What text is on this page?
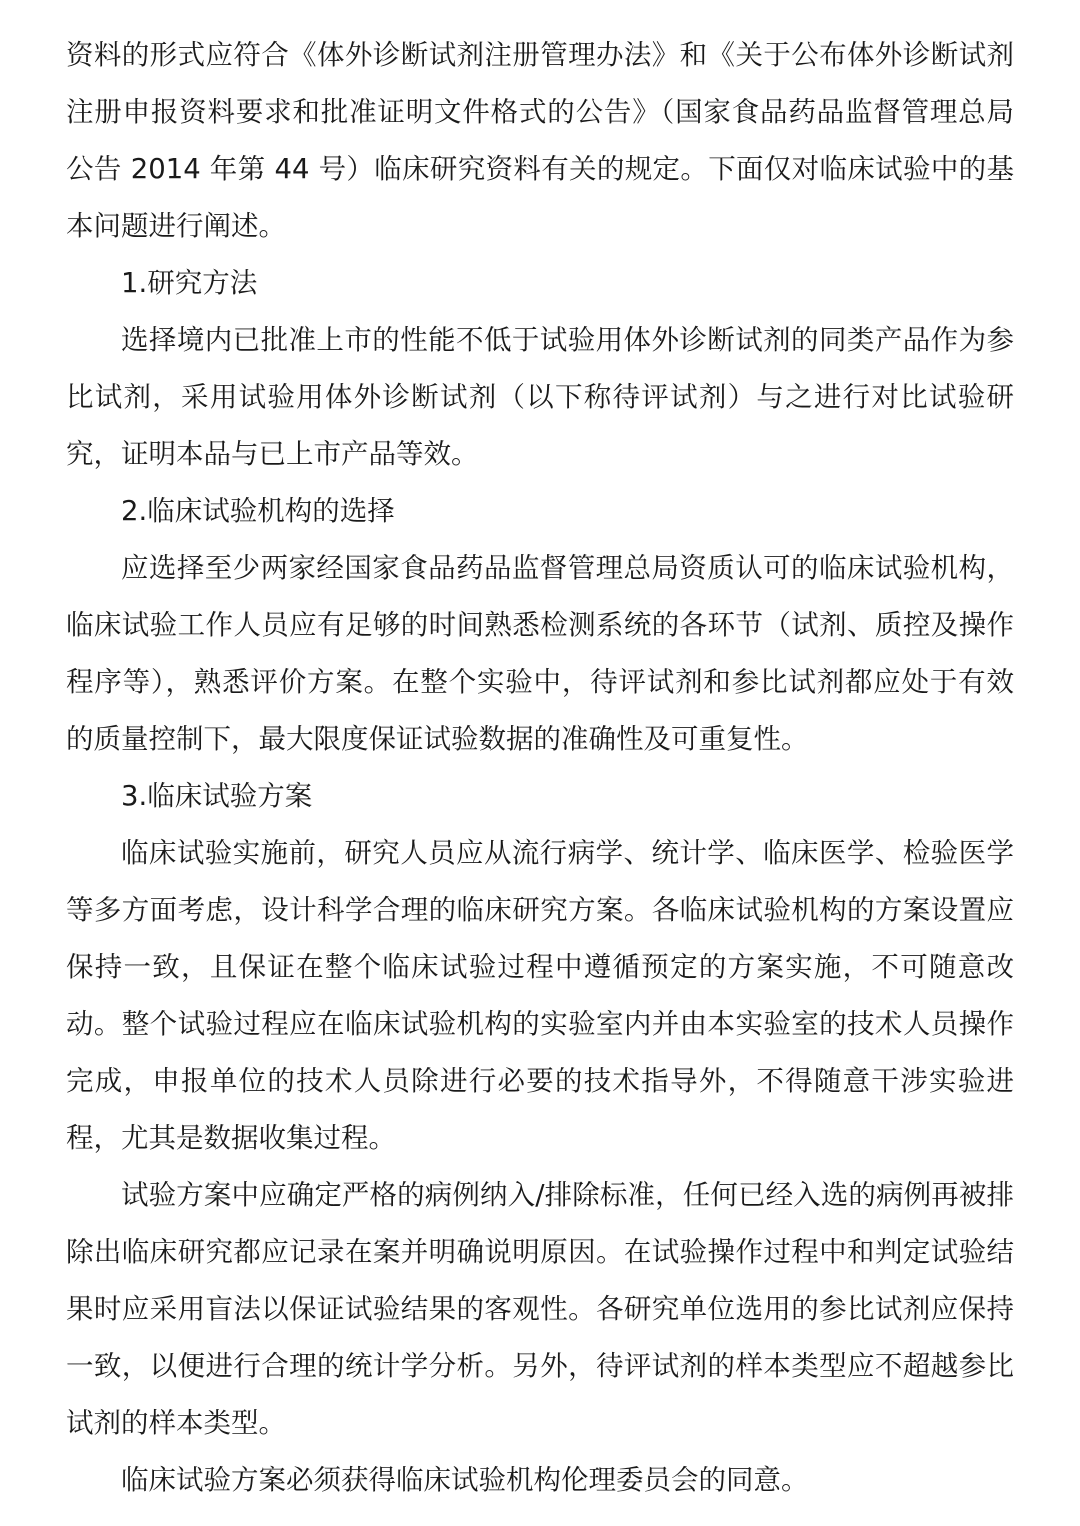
资料的形式应符合《体外诊断试剂注册管理办法》和《关于公布体外诊断试剂注册申报资料要求和批准证明文件格式的公告》（国家食品药品监督管理总局公告 2014 年第 44 号）临床研究资料有关的规定。下面仅对临床试验中的基本问题进行阐述。

1.研究方法

选择境内已批准上市的性能不低于试验用体外诊断试剂的同类产品作为参比试剂，采用试验用体外诊断试剂（以下称待评试剂）与之进行对比试验研究，证明本品与已上市产品等效。

2.临床试验机构的选择

应选择至少两家经国家食品药品监督管理总局资质认可的临床试验机构，临床试验工作人员应有足够的时间熟悉检测系统的各环节（试剂、质控及操作程序等），熟悉评价方案。在整个实验中，待评试剂和参比试剂都应处于有效的质量控制下，最大限度保证试验数据的准确性及可重复性。

3.临床试验方案

临床试验实施前，研究人员应从流行病学、统计学、临床医学、检验医学等多方面考虑，设计科学合理的临床研究方案。各临床试验机构的方案设置应保持一致，且保证在整个临床试验过程中遵循预定的方案实施，不可随意改动。整个试验过程应在临床试验机构的实验室内并由本实验室的技术人员操作完成，申报单位的技术人员除进行必要的技术指导外，不得随意干涉实验进程，尤其是数据收集过程。

试验方案中应确定严格的病例纳入/排除标准，任何已经入选的病例再被排除出临床研究都应记录在案并明确说明原因。在试验操作过程中和判定试验结果时应采用盲法以保证试验结果的客观性。各研究单位选用的参比试剂应保持一致，以便进行合理的统计学分析。另外，待评试剂的样本类型应不超越参比试剂的样本类型。

临床试验方案必须获得临床试验机构伦理委员会的同意。
